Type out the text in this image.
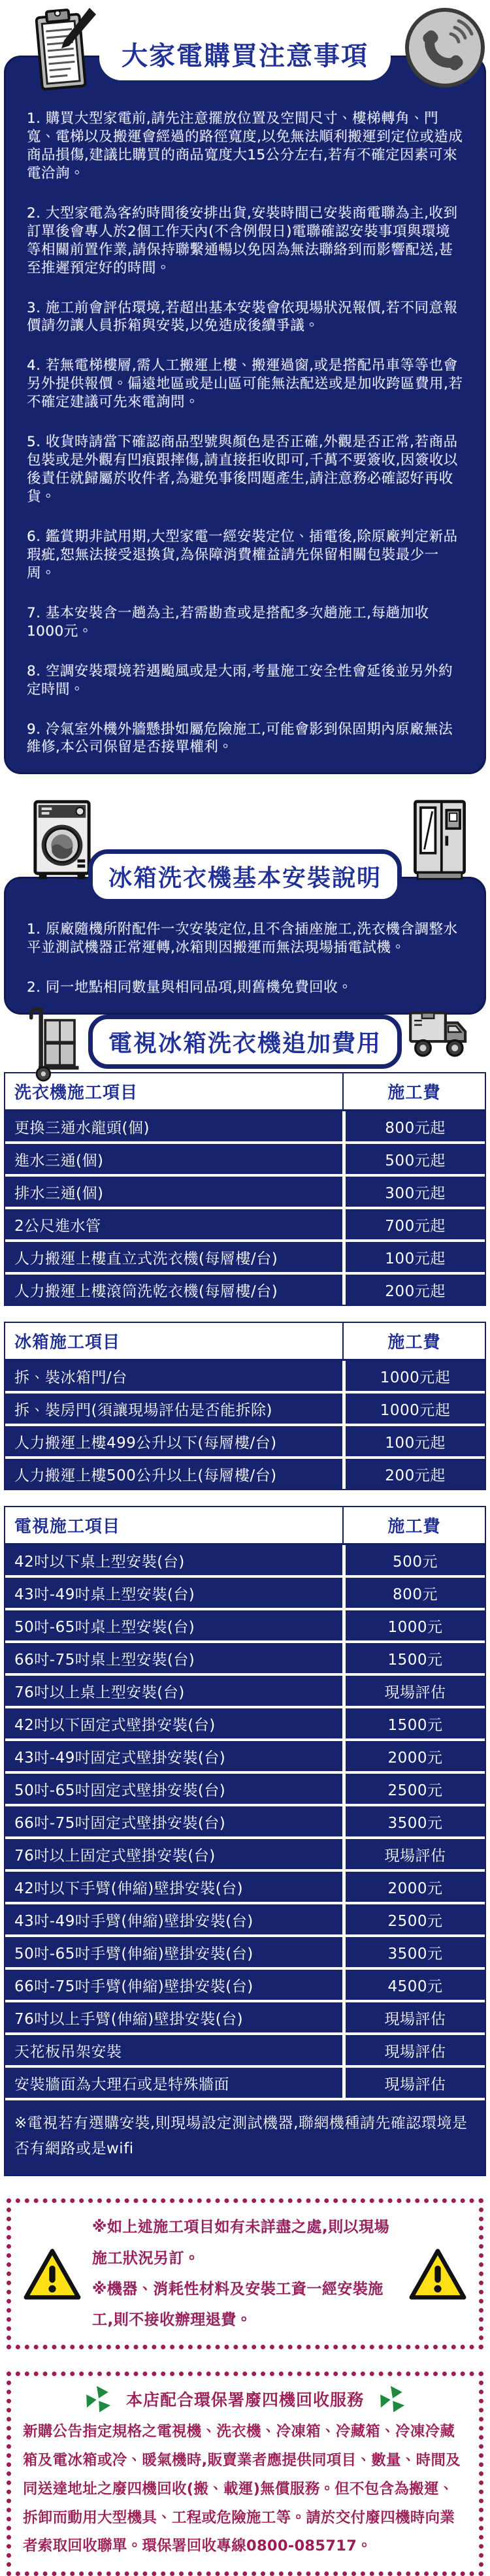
大家電購買注意事項

1. 購買大型家電前,請先注意擺放位置及空間尺寸、樓梯轉角、門寬、電梯以及搬運會經過的路徑寬度,以免無法順利搬運到定位或造成商品損傷,建議比購買的商品寬度大15公分左右,若有不確定因素可來電洽詢。

2. 大型家電為客約時間後安排出貨,安裝時間已安裝商電聯為主,收到訂單後會專人於2個工作天內(不含例假日)電聯確認安裝事項與環境等相關前置作業,請保持聯繫通暢以免因為無法聯絡到而影響配送,甚至推遲預定好的時間。

3. 施工前會評估環境,若超出基本安裝會依現場狀況報價,若不同意報價請勿讓人員拆箱與安裝,以免造成後續爭議。

4. 若無電梯樓層,需人工搬運上樓、搬運過窗,或是搭配吊車等等也會另外提供報價。偏遠地區或是山區可能無法配送或是加收跨區費用,若不確定建議可先來電詢問。

5. 收貨時請當下確認商品型號與顏色是否正確,外觀是否正常,若商品包裝或是外觀有凹痕跟摔傷,請直接拒收即可,千萬不要簽收,因簽收以後責任就歸屬於收件者,為避免事後問題產生,請注意務必確認好再收貨。

6. 鑑賞期非試用期,大型家電一經安裝定位、插電後,除原廠判定新品瑕疵,恕無法接受退換貨,為保障消費權益請先保留相關包裝最少一周。

7. 基本安裝含一趟為主,若需勘查或是搭配多次趟施工,每趟加收1000元。

8. 空調安裝環境若遇颱風或是大雨,考量施工安全性會延後並另外約定時間。

9. 冷氣室外機外牆懸掛如屬危險施工,可能會影到保固期內原廠無法維修,本公司保留是否接單權利。

冰箱洗衣機基本安裝說明

1. 原廠隨機所附配件一次安裝定位,且不含插座施工,洗衣機含調整水平並測試機器正常運轉,冰箱則因搬運而無法現場插電試機。

2. 同一地點相同數量與相同品項,則舊機免費回收。

電視冰箱洗衣機追加費用
洗衣機施工項目	施工費
更換三通水龍頭(個)	800元起
進水三通(個)	500元起
排水三通(個)	300元起
2公尺進水管	700元起
人力搬運上樓直立式洗衣機(每層樓/台)	100元起
人力搬運上樓滾筒洗乾衣機(每層樓/台)	200元起
冰箱施工項目	施工費
拆、裝冰箱門/台	1000元起
拆、裝房門(須讓現場評估是否能拆除)	1000元起
人力搬運上樓499公升以下(每層樓/台)	100元起
人力搬運上樓500公升以上(每層樓/台)	200元起
電視施工項目	施工費
42吋以下桌上型安裝(台)	500元
43吋-49吋桌上型安裝(台)	800元
50吋-65吋桌上型安裝(台)	1000元
66吋-75吋桌上型安裝(台)	1500元
76吋以上桌上型安裝(台)	現場評估
42吋以下固定式壁掛安裝(台)	1500元
43吋-49吋固定式壁掛安裝(台)	2000元
50吋-65吋固定式壁掛安裝(台)	2500元
66吋-75吋固定式壁掛安裝(台)	3500元
76吋以上固定式壁掛安裝(台)	現場評估
42吋以下手臂(伸縮)壁掛安裝(台)	2000元
43吋-49吋手臂(伸縮)壁掛安裝(台)	2500元
50吋-65吋手臂(伸縮)壁掛安裝(台)	3500元
66吋-75吋手臂(伸縮)壁掛安裝(台)	4500元
76吋以上手臂(伸縮)壁掛安裝(台)	現場評估
天花板吊架安裝	現場評估
安裝牆面為大理石或是特殊牆面	現場評估
※電視若有選購安裝,則現場設定測試機器,聯網機種請先確認環境是否有網路或是wifi	

※如上述施工項目如有未詳盡之處,則以現場施工狀況另訂。

※機器、消耗性材料及安裝工資一經安裝施工,則不接收辦理退費。

本店配合環保署廢四機回收服務

新購公告指定規格之電視機、洗衣機、冷凍箱、冷藏箱、冷凍冷藏箱及電冰箱或冷、暖氣機時,販賣業者應提供同項目、數量、時間及同送達地址之廢四機回收(搬、載運)無償服務。但不包含為搬運、拆卸而動用大型機具、工程或危險施工等。請於交付廢四機時向業者索取回收聯單。環保署回收專線0800-085717。
